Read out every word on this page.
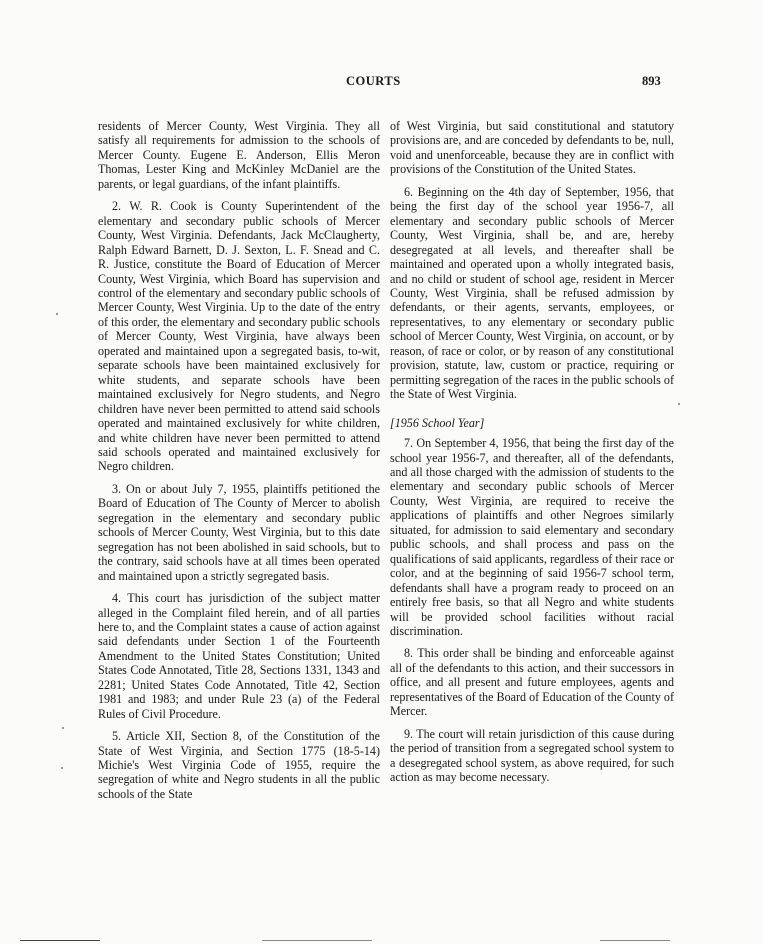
COURTS	893

residents of Mercer County, West Virginia. They all satisfy all requirements for admission to the schools of Mercer County. Eugene E. Anderson, Ellis Meron Thomas, Lester King and McKinley McDaniel are the parents, or legal guardians, of the infant plaintiffs.

2. W. R. Cook is County Superintendent of the elementary and secondary public schools of Mercer County, West Virginia. Defendants, Jack McClaugherty, Ralph Edward Barnett, D. J. Sexton, L. F. Snead and C. R. Justice, constitute the Board of Education of Mercer County, West Virginia, which Board has supervision and control of the elementary and secondary public schools of Mercer County, West Virginia. Up to the date of the entry of this order, the elementary and secondary public schools of Mercer County, West Virginia, have always been operated and maintained upon a segregated basis, to-wit, separate schools have been maintained exclusively for white students, and separate schools have been maintained exclusively for Negro students, and Negro children have never been permitted to attend said schools operated and maintained exclusively for white children, and white children have never been permitted to attend said schools operated and maintained exclusively for Negro children.

3. On or about July 7, 1955, plaintiffs petitioned the Board of Education of The County of Mercer to abolish segregation in the elementary and secondary public schools of Mercer County, West Virginia, but to this date segregation has not been abolished in said schools, but to the contrary, said schools have at all times been operated and maintained upon a strictly segregated basis.

4. This court has jurisdiction of the subject matter alleged in the Complaint filed herein, and of all parties here to, and the Complaint states a cause of action against said defendants under Section 1 of the Fourteenth Amendment to the United States Constitution; United States Code Annotated, Title 28, Sections 1331, 1343 and 2281; United States Code Annotated, Title 42, Section 1981 and 1983; and under Rule 23 (a) of the Federal Rules of Civil Procedure.

5. Article XII, Section 8, of the Constitution of the State of West Virginia, and Section 1775 (18-5-14) Michie's West Virginia Code of 1955, require the segregation of white and Negro students in all the public schools of the State

of West Virginia, but said constitutional and statutory provisions are, and are conceded by defendants to be, null, void and unenforceable, because they are in conflict with provisions of the Constitution of the United States.

6. Beginning on the 4th day of September, 1956, that being the first day of the school year 1956-7, all elementary and secondary public schools of Mercer County, West Virginia, shall be, and are, hereby desegregated at all levels, and thereafter shall be maintained and operated upon a wholly integrated basis, and no child or student of school age, resident in Mercer County, West Virginia, shall be refused admission by defendants, or their agents, servants, employees, or representatives, to any elementary or secondary public school of Mercer County, West Virginia, on account, or by reason, of race or color, or by reason of any constitutional provision, statute, law, custom or practice, requiring or permitting segregation of the races in the public schools of the State of West Virginia.

[1956 School Year]

7. On September 4, 1956, that being the first day of the school year 1956-7, and thereafter, all of the defendants, and all those charged with the admission of students to the elementary and secondary public schools of Mercer County, West Virginia, are required to receive the applications of plaintiffs and other Negroes similarly situated, for admission to said elementary and secondary public schools, and shall process and pass on the qualifications of said applicants, regardless of their race or color, and at the beginning of said 1956-7 school term, defendants shall have a program ready to proceed on an entirely free basis, so that all Negro and white students will be provided school facilities without racial discrimination.

8. This order shall be binding and enforceable against all of the defendants to this action, and their successors in office, and all present and future employees, agents and representatives of the Board of Education of the County of Mercer.

9. The court will retain jurisdiction of this cause during the period of transition from a segregated school system to a desegregated school system, as above required, for such action as may become necessary.
